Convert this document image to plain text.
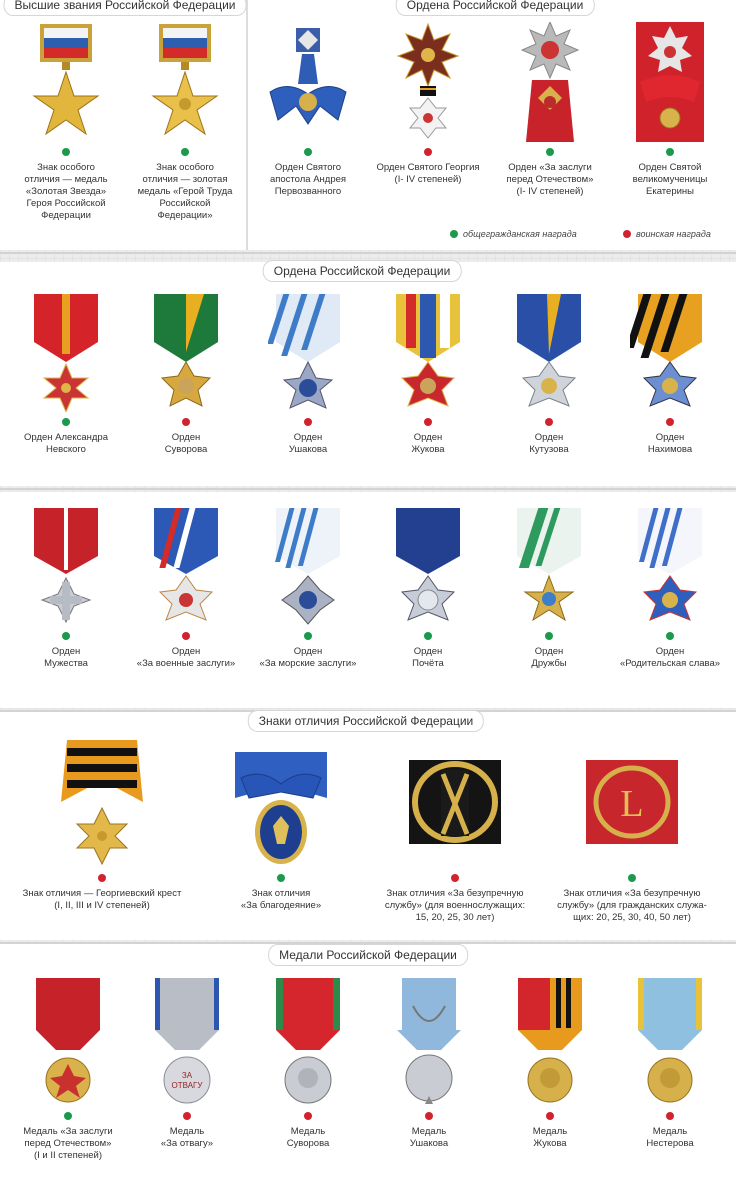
Высшие звания Российской Федерации	Ордена Российской Федерации
Ордена Российской Федерации
Знаки отличия Российской Федерации
Медали Российской Федерации
общегражданская награда	воинская награда
Знак особого
отличия — медаль
«Золотая Звезда»
Героя Российской
Федерации
Знак особого
отличия — золотая
медаль «Герой Труда
Российской
Федерации»
Орден Святого
апостола Андрея
Первозванного
Орден Святого Георгия
(I- IV степеней)
Орден «За заслуги
перед Отечеством»
(I- IV степеней)
Орден Святой
великомученицы
Екатерины
Орден Александра
Невского
Орден
Суворова
Орден
Ушакова
Орден
Жукова
Орден
Кутузова
Орден
Нахимова
Орден
Мужества
Орден
«За военные заслуги»
Орден
«За морские заслуги»
Орден
Почёта
Орден
Дружбы
Орден
«Родительская слава»
Знак отличия — Георгиевский крест
(I, II, III и IV степеней)
Знак отличия
«За благодеяние»
Знак отличия «За безупречную
службу» (для военнослужащих:
15, 20, 25, 30 лет)
L
Знак отличия «За безупречную
службу» (для гражданских служа-
щих: 20, 25, 30, 40, 50 лет)
Медаль «За заслуги
перед Отечеством»
(I и II степеней)
ЗА
ОТВАГУ
Медаль
«За отвагу»
Медаль
Суворова
Медаль
Ушакова
Медаль
Жукова
Медаль
Нестерова
